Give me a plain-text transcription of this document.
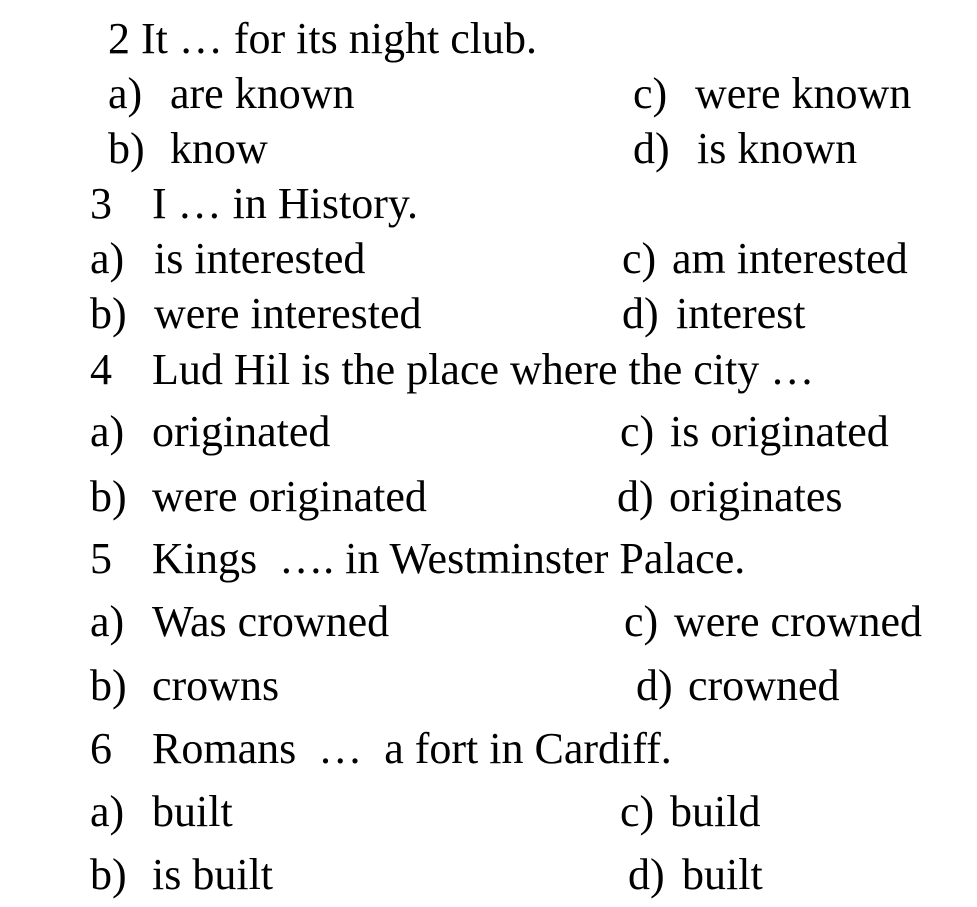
2 It … for its night club.
a) are known	c) were known
b) know	d) is known
3 I … in History.
a) is interested	c) am interested
b) were interested	d) interest
4 Lud Hil is the place where the city …
a) originated	c) is originated
b) were originated	d) originates
5 Kings  …. in Westminster Palace.
a) Was crowned	c) were crowned
b) crowns	d) crowned
6 Romans  …  a fort in Cardiff.
a) built	c) build
b) is built	d) built
